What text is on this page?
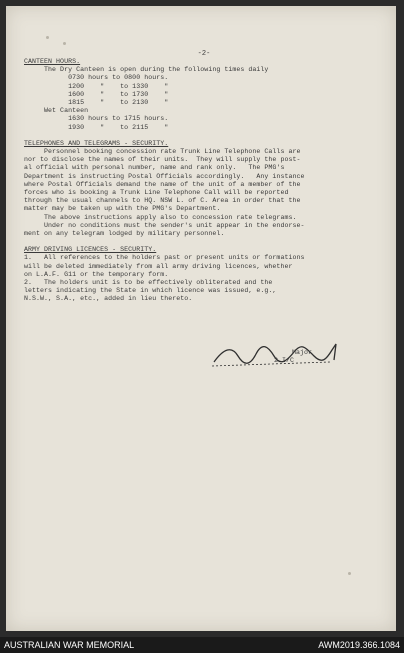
-2-
CANTEEN HOURS.
The Dry Canteen is open during the following times daily
0730 hours to 0800 hours.
1200    "    to 1330    "
1600    "    to 1730    "
1815    "    to 2130    "
Wet Canteen
1630 hours to 1715 hours.
1930    "    to 2115    "
TELEPHONES AND TELEGRAMS - SECURITY.
Personnel booking concession rate Trunk Line Telephone Calls are
nor to disclose the names of their units.  They will supply the post-
al official with personal number, name and rank only.   The PMG's
Department is instructing Postal Officials accordingly.   Any instance
where Postal Officials demand the name of the unit of a member of the
forces who is booking a Trunk Line Telephone Call will be reported
through the usual channels to HQ. NSW L. of C. Area in order that the
matter may be taken up with the PMG's Department.
The above instructions apply also to concession rate telegrams.
Under no conditions must the sender's unit appear in the endorse-
ment on any telegram lodged by military personnel.
ARMY DRIVING LICENCES - SECURITY.
1.   All references to the holders past or present units or formations
will be deleted immediately from all army driving licences, whether
on L.A.F. G11 or the temporary form.
2.   The holders unit is to be effectively obliterated and the
letters indicating the State in which licence was issued, e.g.,
N.S.W., S.A., etc., added in lieu thereto.
Major
2 I/C
AUSTRALIAN WAR MEMORIAL	AWM2019.366.1084
